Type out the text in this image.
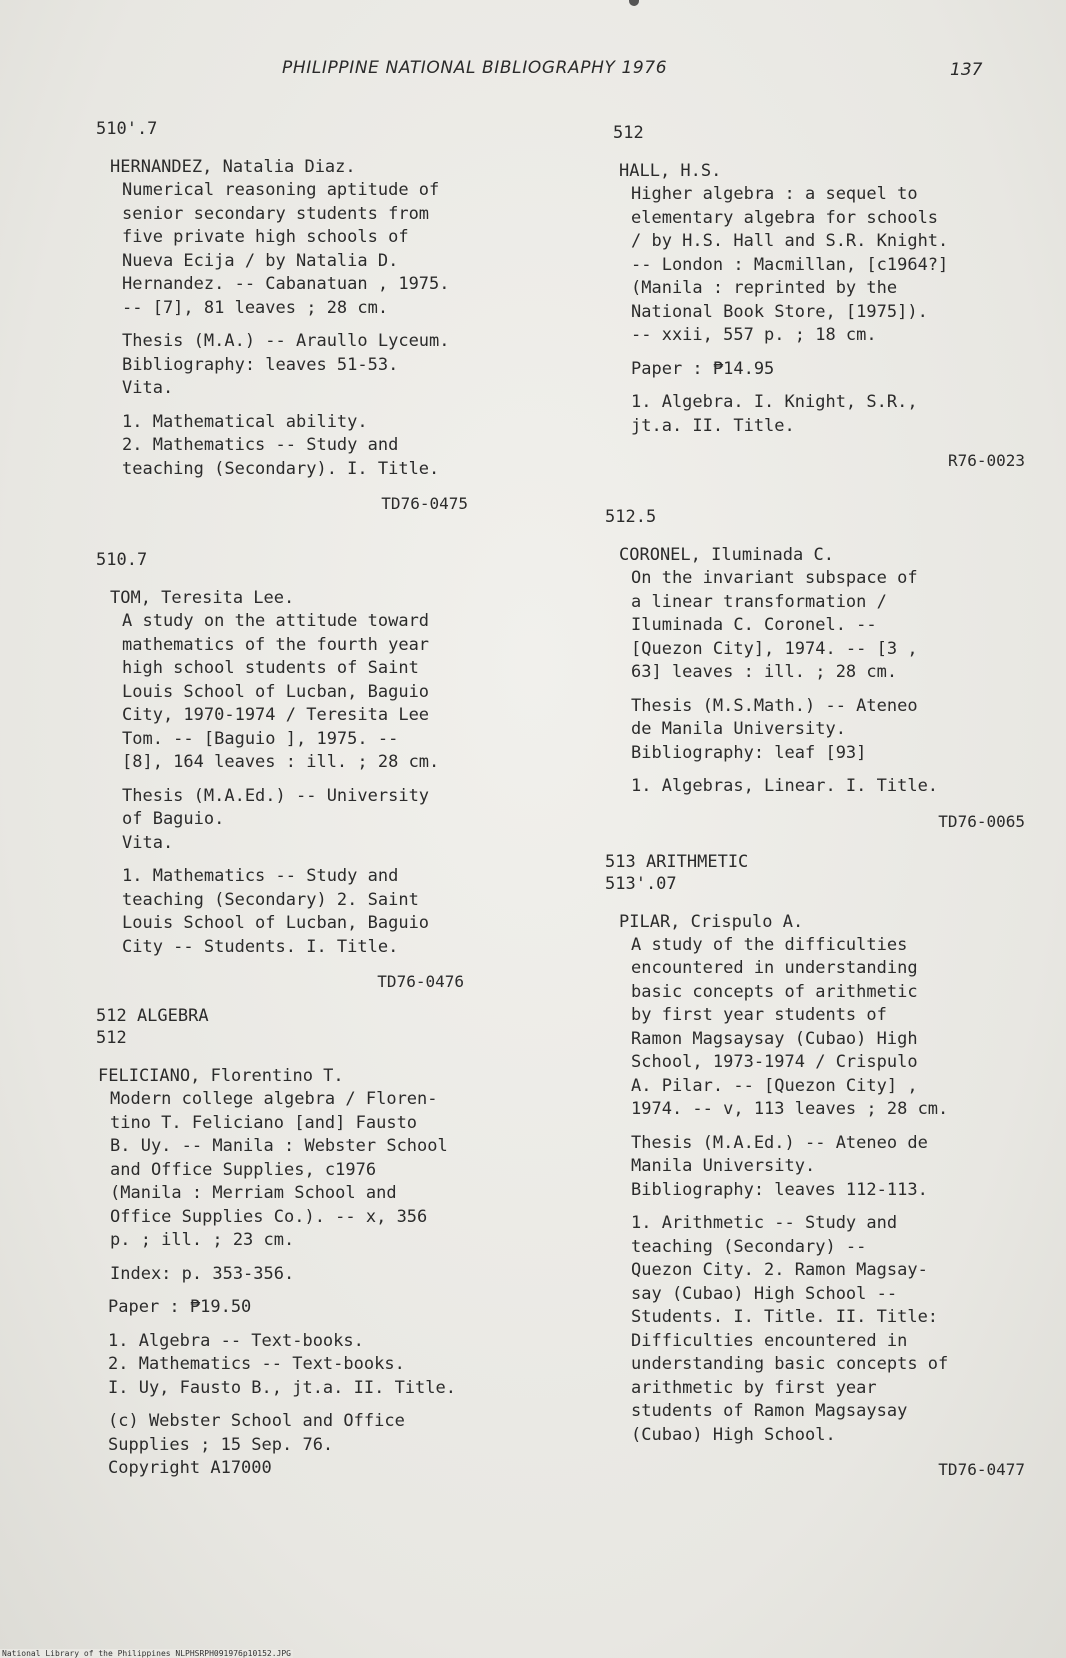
PHILIPPINE NATIONAL BIBLIOGRAPHY 1976	137

510'.7

HERNANDEZ, Natalia Diaz.

Numerical reasoning aptitude of
senior secondary students from
five private high schools of
Nueva Ecija / by Natalia D.
Hernandez. -- Cabanatuan , 1975.
-- [7], 81 leaves ; 28 cm.

Thesis (M.A.) -- Araullo Lyceum.
Bibliography: leaves 51-53.
Vita.

1. Mathematical ability.
2. Mathematics -- Study and
teaching (Secondary). I. Title.

TD76-0475

510.7

TOM, Teresita Lee.

A study on the attitude toward
mathematics of the fourth year
high school students of Saint
Louis School of Lucban, Baguio
City, 1970-1974 / Teresita Lee
Tom. -- [Baguio ], 1975. --
[8], 164 leaves : ill. ; 28 cm.

Thesis (M.A.Ed.) -- University
of Baguio.
Vita.

1. Mathematics -- Study and
teaching (Secondary) 2. Saint
Louis School of Lucban, Baguio
City -- Students. I. Title.

TD76-0476

512 ALGEBRA

512

FELICIANO, Florentino T.

Modern college algebra / Floren-
tino T. Feliciano [and] Fausto
B. Uy. -- Manila : Webster School
and Office Supplies, c1976
(Manila : Merriam School and
Office Supplies Co.). -- x, 356
p. ; ill. ; 23 cm.

Index: p. 353-356.

Paper : ₱19.50

1. Algebra -- Text-books.
2. Mathematics -- Text-books.
I. Uy, Fausto B., jt.a. II. Title.

(c) Webster School and Office
Supplies ; 15 Sep. 76.
Copyright A17000

512

HALL, H.S.

Higher algebra : a sequel to
elementary algebra for schools
/ by H.S. Hall and S.R. Knight.
-- London : Macmillan, [c1964?]
(Manila : reprinted by the
National Book Store, [1975]).
-- xxii, 557 p. ; 18 cm.

Paper : ₱14.95

1. Algebra. I. Knight, S.R.,
jt.a. II. Title.

R76-0023

512.5

CORONEL, Iluminada C.

On the invariant subspace of
a linear transformation /
Iluminada C. Coronel. --
[Quezon City], 1974. -- [3 ,
63] leaves : ill. ; 28 cm.

Thesis (M.S.Math.) -- Ateneo
de Manila University.
Bibliography: leaf [93]

1. Algebras, Linear. I. Title.

TD76-0065

513 ARITHMETIC

513'.07

PILAR, Crispulo A.

A study of the difficulties
encountered in understanding
basic concepts of arithmetic
by first year students of
Ramon Magsaysay (Cubao) High
School, 1973-1974 / Crispulo
A. Pilar. -- [Quezon City] ,
1974. -- v, 113 leaves ; 28 cm.

Thesis (M.A.Ed.) -- Ateneo de
Manila University.
Bibliography: leaves 112-113.

1. Arithmetic -- Study and
teaching (Secondary) --
Quezon City. 2. Ramon Magsay-
say (Cubao) High School --
Students. I. Title. II. Title:
Difficulties encountered in
understanding basic concepts of
arithmetic by first year
students of Ramon Magsaysay
(Cubao) High School.

TD76-0477

National Library of the Philippines NLPHSRPH091976p10152.JPG
